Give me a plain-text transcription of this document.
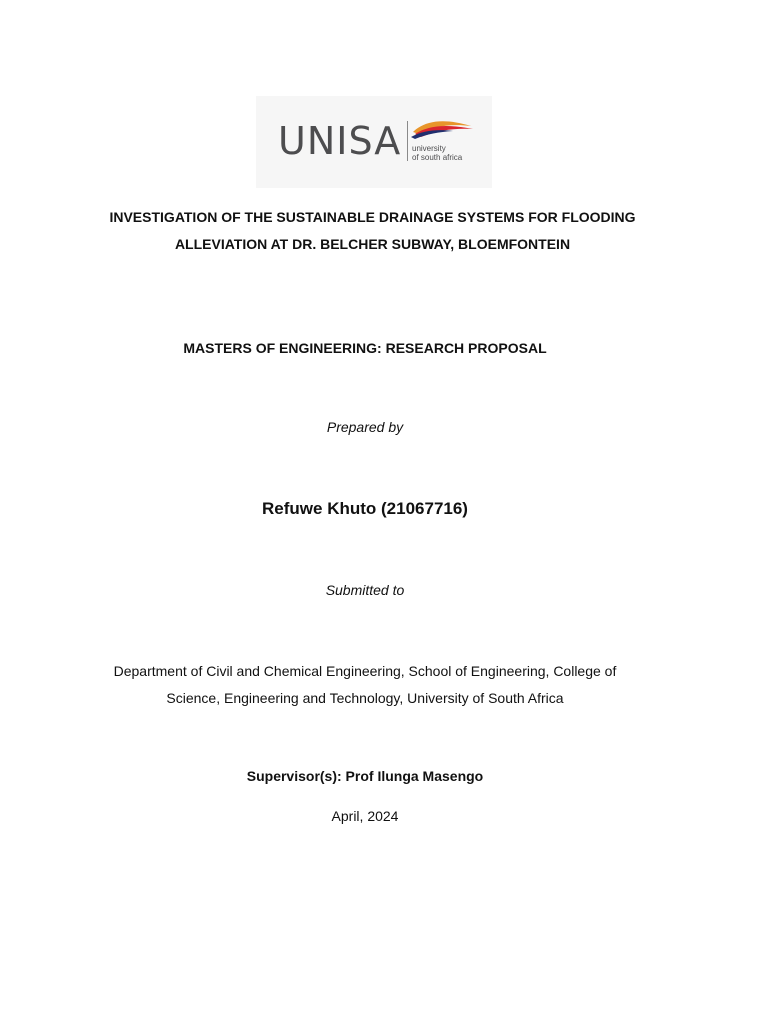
UNISA university
of south africa
INVESTIGATION OF THE SUSTAINABLE DRAINAGE SYSTEMS FOR FLOODING
ALLEVIATION AT DR. BELCHER SUBWAY, BLOEMFONTEIN
MASTERS OF ENGINEERING: RESEARCH PROPOSAL
Prepared by
Refuwe Khuto (21067716)
Submitted to
Department of Civil and Chemical Engineering, School of Engineering, College of
Science, Engineering and Technology, University of South Africa
Supervisor(s): Prof Ilunga Masengo
April, 2024
